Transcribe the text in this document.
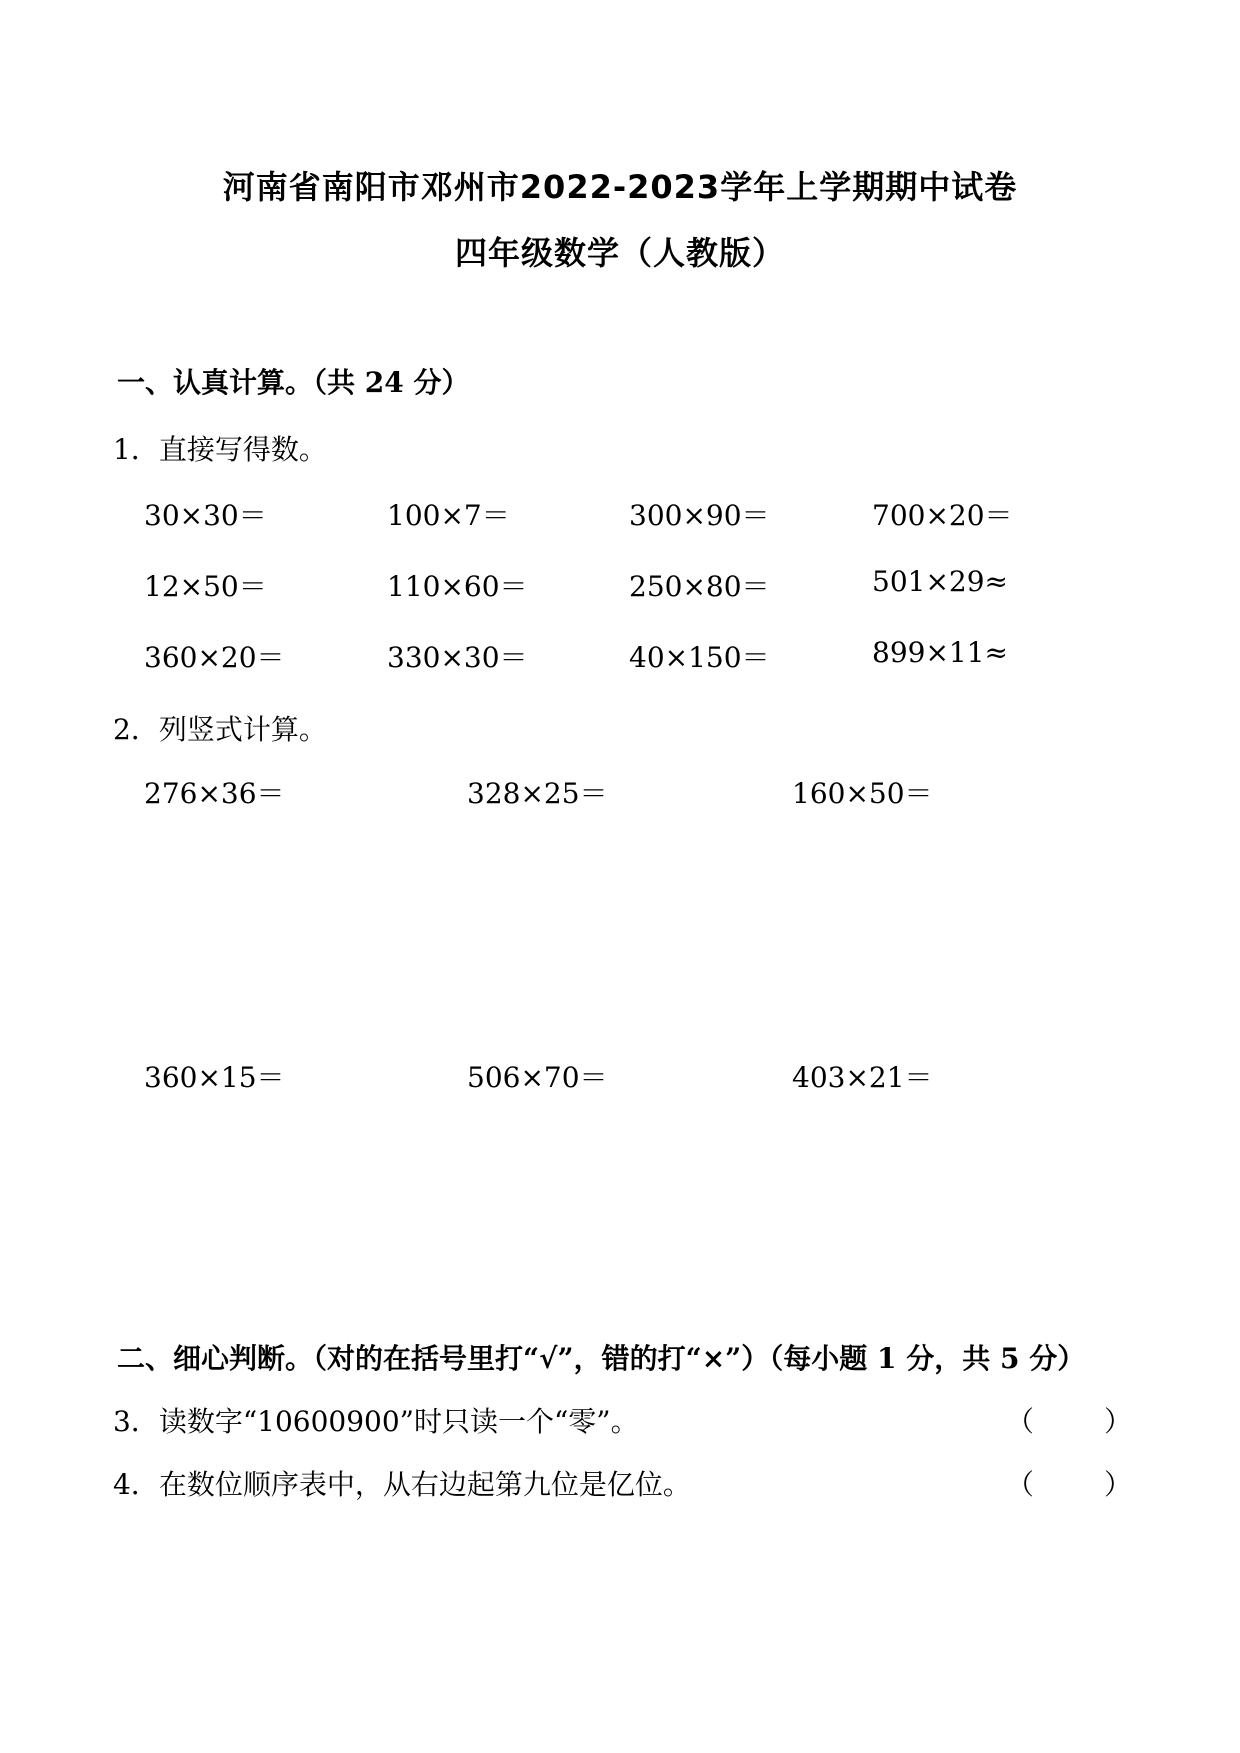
河南省南阳市邓州市2022-2023学年上学期期中试卷
四年级数学（人教版）
一、认真计算。（共 24 分）
1．直接写得数。
30×30＝	100×7＝	300×90＝	700×20＝
12×50＝	110×60＝	250×80＝	501×29≈
360×20＝	330×30＝	40×150＝	899×11≈
2．列竖式计算。
276×36＝	328×25＝	160×50＝
360×15＝	506×70＝	403×21＝
二、细心判断。（对的在括号里打“√”，错的打“×”）（每小题 1 分，共 5 分）
3．读数字“10600900”时只读一个“零”。	（ ）
4．在数位顺序表中，从右边起第九位是亿位。	（ ）
